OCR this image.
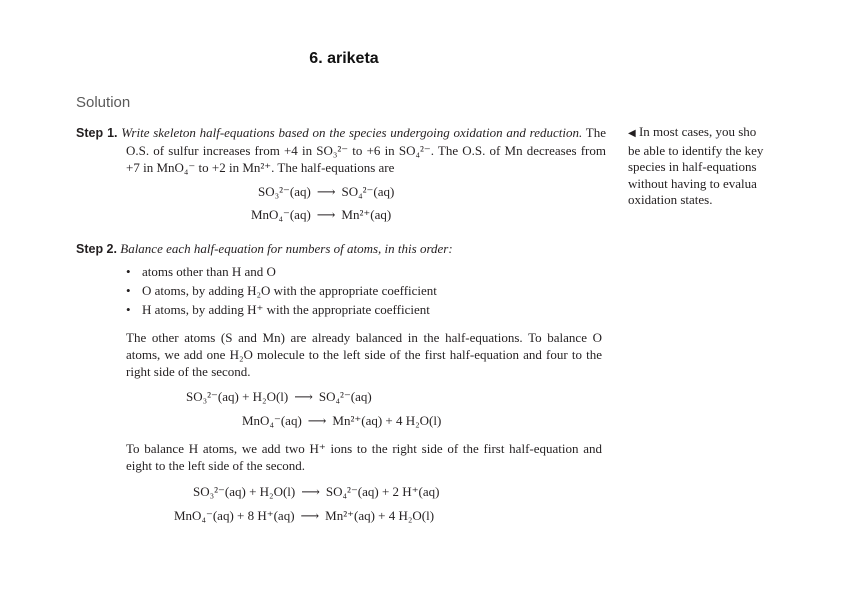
6. ariketa
Solution
Step 1. Write skeleton half-equations based on the species undergoing oxidation and reduction. The O.S. of sulfur increases from +4 in SO₃²⁻ to +6 in SO₄²⁻. The O.S. of Mn decreases from +7 in MnO₄⁻ to +2 in Mn²⁺. The half-equations are
SO₃²⁻(aq) ⟶ SO₄²⁻(aq)
MnO₄⁻(aq) ⟶ Mn²⁺(aq)
Step 2. Balance each half-equation for numbers of atoms, in this order:
• atoms other than H and O
• O atoms, by adding H₂O with the appropriate coefficient
• H atoms, by adding H⁺ with the appropriate coefficient
The other atoms (S and Mn) are already balanced in the half-equations. To balance O atoms, we add one H₂O molecule to the left side of the first half-equation and four to the right side of the second.
SO₃²⁻(aq) + H₂O(l) ⟶ SO₄²⁻(aq)
MnO₄⁻(aq) ⟶ Mn²⁺(aq) + 4 H₂O(l)
To balance H atoms, we add two H⁺ ions to the right side of the first half-equation and eight to the left side of the second.
SO₃²⁻(aq) + H₂O(l) ⟶ SO₄²⁻(aq) + 2 H⁺(aq)
MnO₄⁻(aq) + 8 H⁺(aq) ⟶ Mn²⁺(aq) + 4 H₂O(l)
◀ In most cases, you sho
be able to identify the key
species in half-equations
without having to evalua
oxidation states.
